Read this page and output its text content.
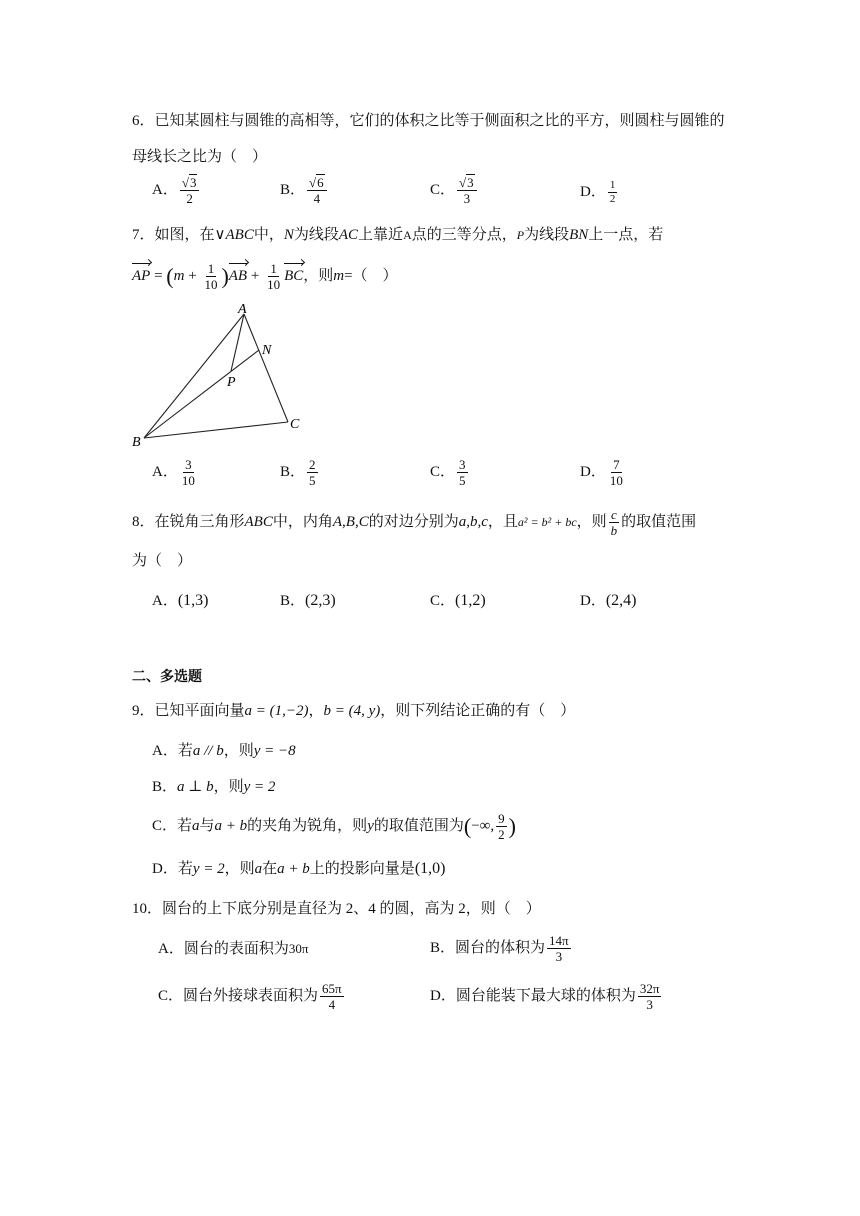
6．已知某圆柱与圆锥的高相等，它们的体积之比等于侧面积之比的平方，则圆柱与圆锥的
母线长之比为（　）
A． $\frac{√3}{2}$	B． $\frac{√6}{4}$	C． $\frac{√3}{3}$	D． $\frac{1}{2}$
7．如图，在∨ABC中，N为线段AC上靠近A点的三等分点，P为线段BN上一点，若
AP = $(m + \frac{1}{10} )AB + \frac{1}{10}$ BC，则m=（　）
A
N
P
B
C
A． $\frac{3}{10}$	B． $\frac{2}{5}$	C． $\frac{3}{5}$	D． $\frac{7}{10}$
8．在锐角三角形ABC中，内角A,B,C的对边分别为a,b,c，且a² = b² + bc，则 $\frac{c}{b}$ 的取值范围
为（　）
A．(1,3)	B．(2,3)	C．(1,2)	D．(2,4)
二、多选题
9．已知平面向量a = (1,−2)，b = (4, y)，则下列结论正确的有（　）
A．若a // b，则y = −8
B．a ⊥ b，则y = 2
C．若a与a + b的夹角为锐角，则y的取值范围为(−∞, $\frac{9}{2}$ )
D．若y = 2，则a在a + b上的投影向量是(1,0)
10．圆台的上下底分别是直径为 2、4 的圆，高为 2，则（　）
A．圆台的表面积为30π	B．圆台的体积为 $\frac{14\pi}{3}$
C．圆台外接球表面积为 $\frac{65\pi}{4}$	D．圆台能装下最大球的体积为 $\frac{32\pi}{3}$
